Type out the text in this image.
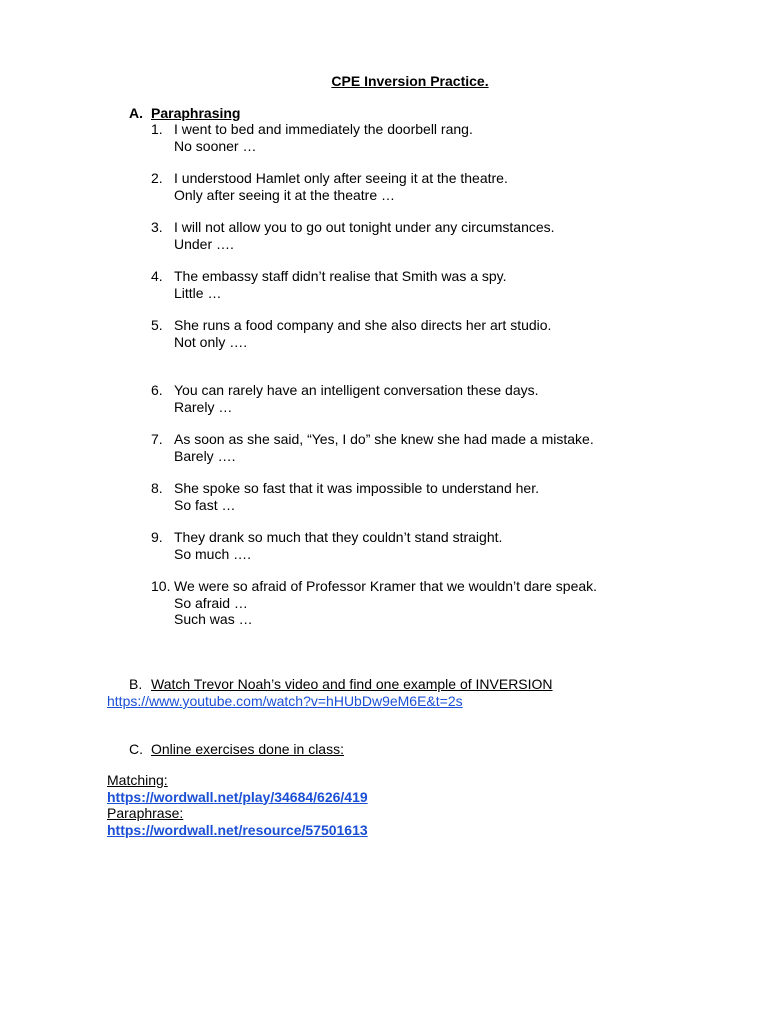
CPE Inversion Practice.
A. Paraphrasing
1. I went to bed and immediately the doorbell rang.
No sooner …
2. I understood Hamlet only after seeing it at the theatre.
Only after seeing it at the theatre …
3. I will not allow you to go out tonight under any circumstances.
Under ….
4. The embassy staff didn’t realise that Smith was a spy.
Little …
5. She runs a food company and she also directs her art studio.
Not only ….
6. You can rarely have an intelligent conversation these days.
Rarely …
7. As soon as she said, “Yes, I do” she knew she had made a mistake.
Barely ….
8. She spoke so fast that it was impossible to understand her.
So fast …
9. They drank so much that they couldn’t stand straight.
So much ….
10. We were so afraid of Professor Kramer that we wouldn’t dare speak.
So afraid …
Such was …
B. Watch Trevor Noah’s video and find one example of INVERSION
https://www.youtube.com/watch?v=hHUbDw9eM6E&t=2s
C. Online exercises done in class:
Matching:
https://wordwall.net/play/34684/626/419
Paraphrase:
https://wordwall.net/resource/57501613
